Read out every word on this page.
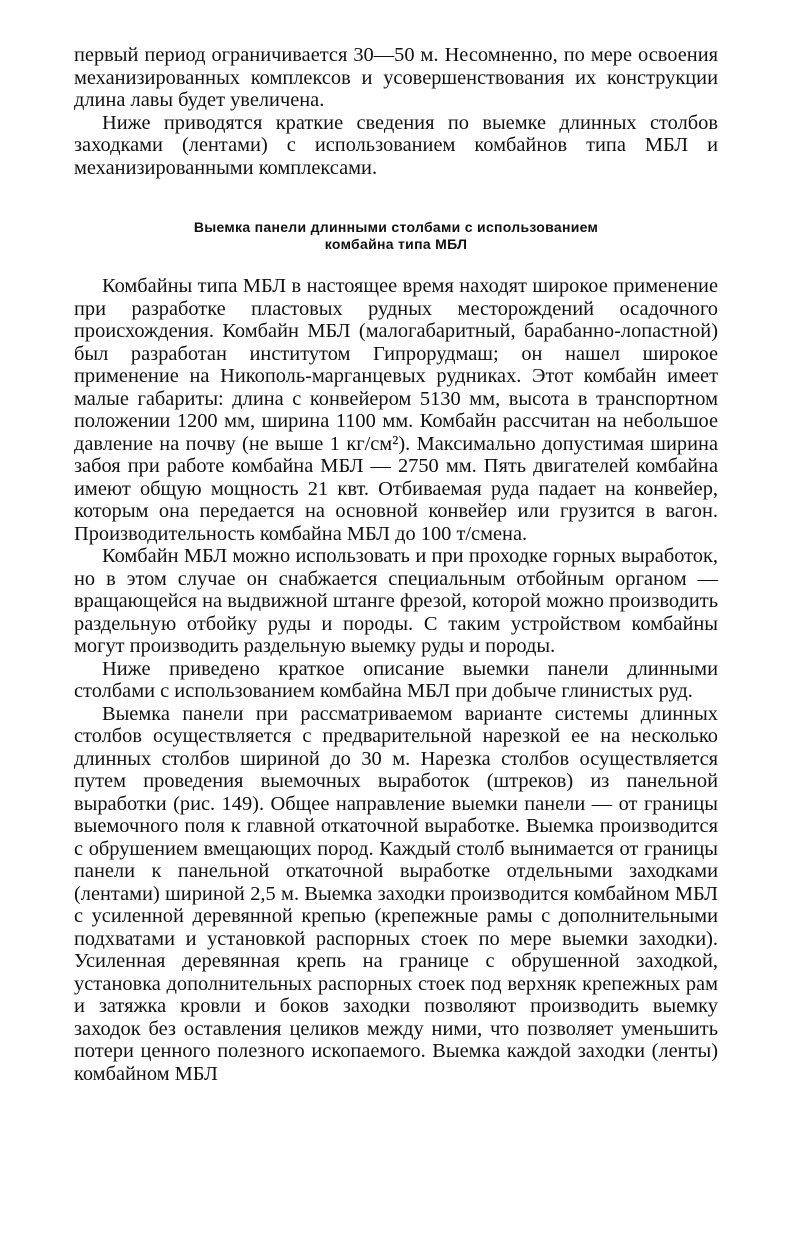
первый период ограничивается 30—50 м. Несомненно, по мере освоения механизированных комплексов и усовершенствования их конструкции длина лавы будет увеличена.

Ниже приводятся краткие сведения по выемке длинных столбов заходками (лентами) с использованием комбайнов типа МБЛ и механизированными комплексами.

Выемка панели длинными столбами с использованием
комбайна типа МБЛ

Комбайны типа МБЛ в настоящее время находят широкое применение при разработке пластовых рудных месторождений осадочного происхождения. Комбайн МБЛ (малогабаритный, барабанно-лопастной) был разработан институтом Гипрорудмаш; он нашел широкое применение на Никополь-марганцевых рудниках. Этот комбайн имеет малые габариты: длина с конвейером 5130 мм, высота в транспортном положении 1200 мм, ширина 1100 мм. Комбайн рассчитан на небольшое давление на почву (не выше 1 кг/см²). Максимально допустимая ширина забоя при работе комбайна МБЛ — 2750 мм. Пять двигателей комбайна имеют общую мощность 21 квт. Отбиваемая руда падает на конвейер, которым она передается на основной конвейер или грузится в вагон. Производительность комбайна МБЛ до 100 т/смена.

Комбайн МБЛ можно использовать и при проходке горных выработок, но в этом случае он снабжается специальным отбойным органом — вращающейся на выдвижной штанге фрезой, которой можно производить раздельную отбойку руды и породы. С таким устройством комбайны могут производить раздельную выемку руды и породы.

Ниже приведено краткое описание выемки панели длинными столбами с использованием комбайна МБЛ при добыче глинистых руд.

Выемка панели при рассматриваемом варианте системы длинных столбов осуществляется с предварительной нарезкой ее на несколько длинных столбов шириной до 30 м. Нарезка столбов осуществляется путем проведения выемочных выработок (штреков) из панельной выработки (рис. 149). Общее направление выемки панели — от границы выемочного поля к главной откаточной выработке. Выемка производится с обрушением вмещающих пород. Каждый столб вынимается от границы панели к панельной откаточной выработке отдельными заходками (лентами) шириной 2,5 м. Выемка заходки производится комбайном МБЛ с усиленной деревянной крепью (крепежные рамы с дополнительными подхватами и установкой распорных стоек по мере выемки заходки). Усиленная деревянная крепь на границе с обрушенной заходкой, установка дополнительных распорных стоек под верхняк крепежных рам и затяжка кровли и боков заходки позволяют производить выемку заходок без оставления целиков между ними, что позволяет уменьшить потери ценного полезного ископаемого. Выемка каждой заходки (ленты) комбайном МБЛ
